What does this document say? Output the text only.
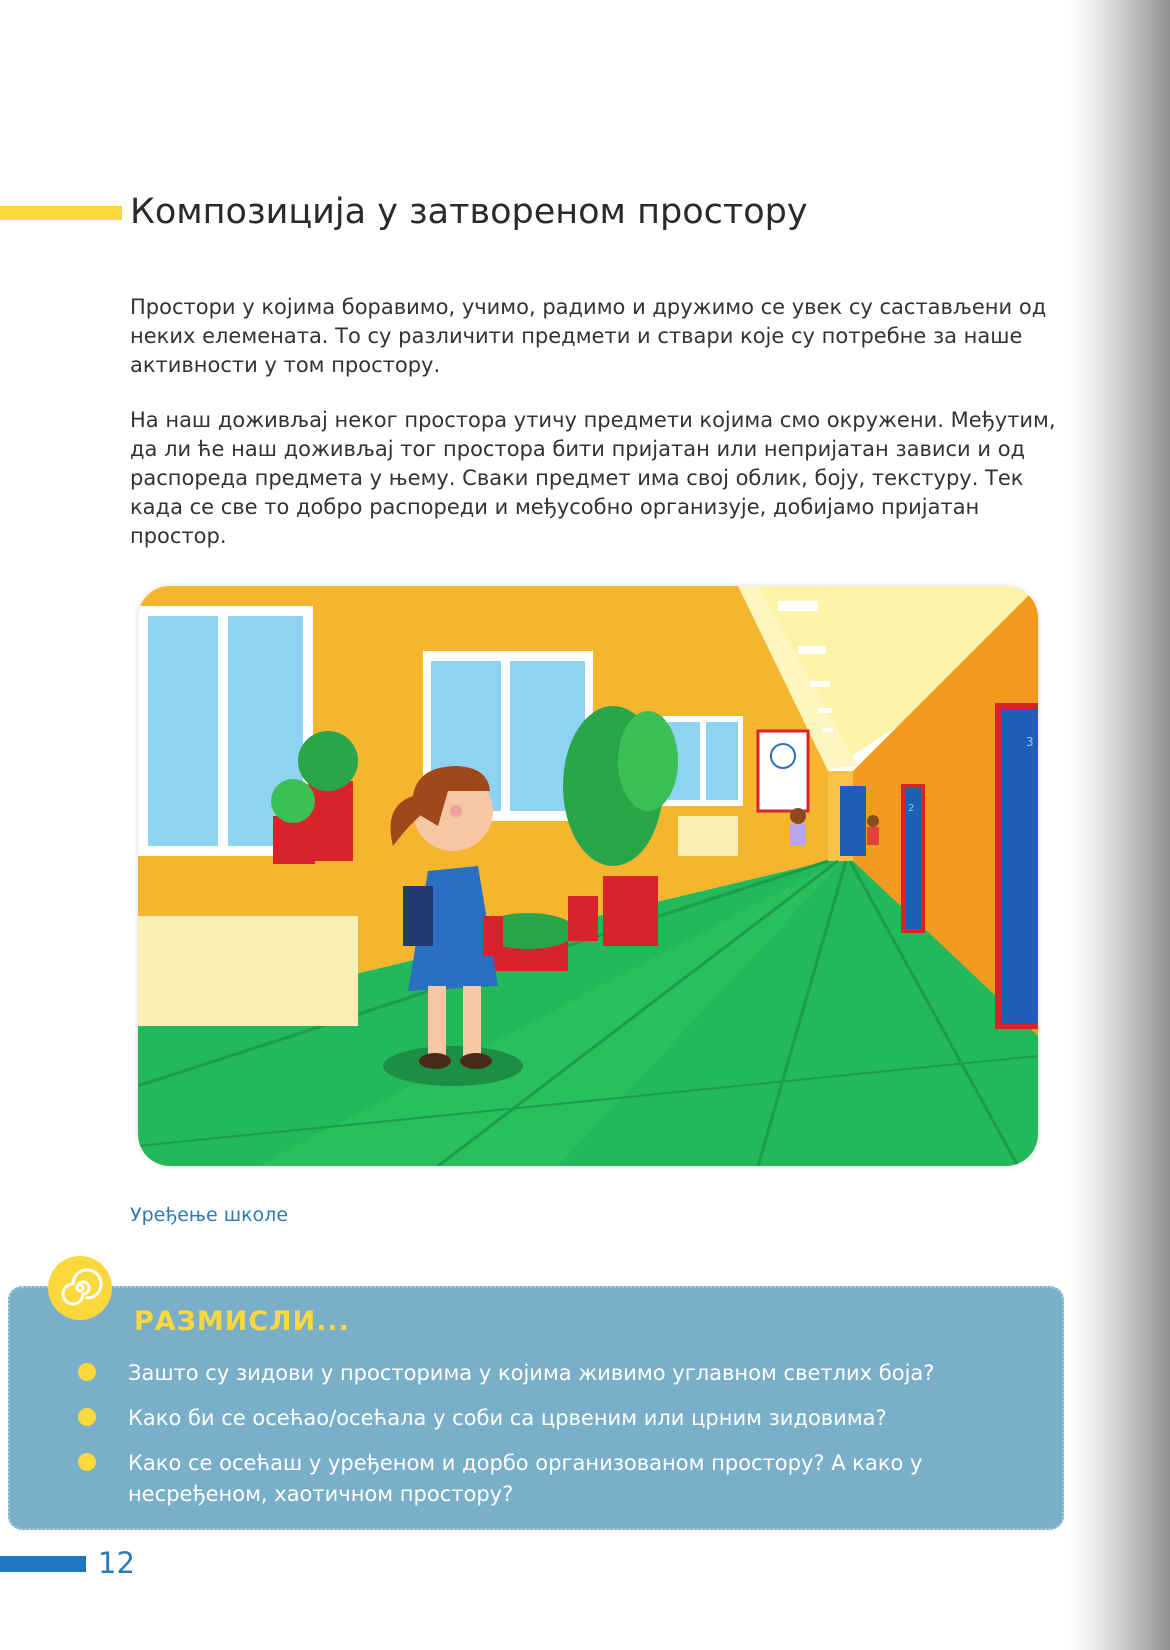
Композиција у затвореном простору

Простори у којима боравимо, учимо, радимо и дружимо се увек су састављени од неких елемената. То су различити предмети и ствари које су потребне за наше активности у том простору.

На наш доживљај неког простора утичу предмети којима смо окружени. Међутим, да ли ће наш доживљај тог простора бити пријатан или непријатан зависи и од распореда предмета у њему. Сваки предмет има свој облик, боју, текстуру. Тек када се све то добро распореди и међусобно организује, добијамо пријатан простор.

2
3

Уређење школе

РАЗМИСЛИ...
Зашто су зидови у просторима у којима живимо углавном светлих боја?
Како би се осећао/осећала у соби са црвеним или црним зидовима?
Како се осећаш у уређеном и дорбо организованом простору? А како у несређеном, хаотичном простору?
12
